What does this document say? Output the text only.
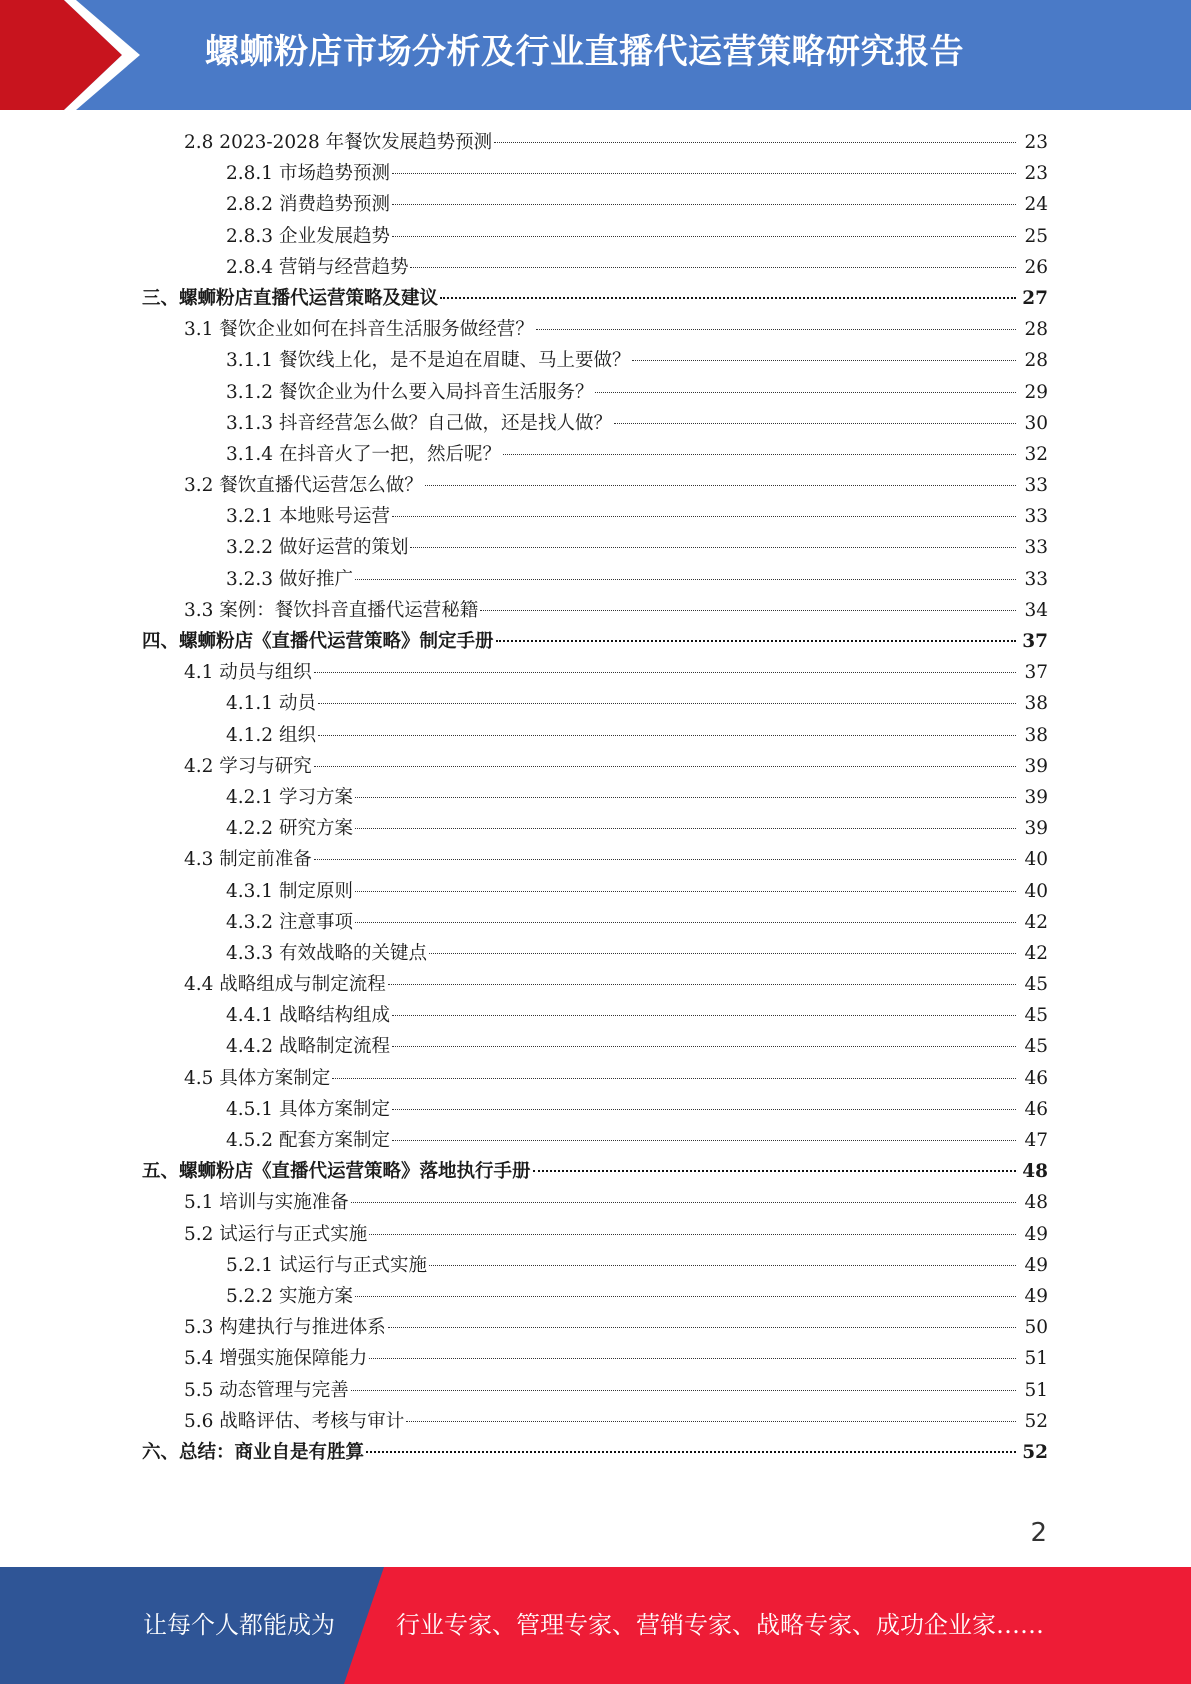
螺蛳粉店市场分析及行业直播代运营策略研究报告
2.8 2023-2028 年餐饮发展趋势预测	23
2.8.1 市场趋势预测	23
2.8.2 消费趋势预测	24
2.8.3 企业发展趋势	25
2.8.4 营销与经营趋势	26
三、螺蛳粉店直播代运营策略及建议	27
3.1 餐饮企业如何在抖音生活服务做经营？	28
3.1.1 餐饮线上化，是不是迫在眉睫、马上要做？	28
3.1.2 餐饮企业为什么要入局抖音生活服务？	29
3.1.3 抖音经营怎么做？自己做，还是找人做？	30
3.1.4 在抖音火了一把，然后呢？	32
3.2 餐饮直播代运营怎么做？	33
3.2.1 本地账号运营	33
3.2.2 做好运营的策划	33
3.2.3 做好推广	33
3.3 案例：餐饮抖音直播代运营秘籍	34
四、螺蛳粉店《直播代运营策略》制定手册	37
4.1 动员与组织	37
4.1.1 动员	38
4.1.2 组织	38
4.2 学习与研究	39
4.2.1 学习方案	39
4.2.2 研究方案	39
4.3 制定前准备	40
4.3.1 制定原则	40
4.3.2 注意事项	42
4.3.3 有效战略的关键点	42
4.4 战略组成与制定流程	45
4.4.1 战略结构组成	45
4.4.2 战略制定流程	45
4.5 具体方案制定	46
4.5.1 具体方案制定	46
4.5.2 配套方案制定	47
五、螺蛳粉店《直播代运营策略》落地执行手册	48
5.1 培训与实施准备	48
5.2 试运行与正式实施	49
5.2.1 试运行与正式实施	49
5.2.2 实施方案	49
5.3 构建执行与推进体系	50
5.4 增强实施保障能力	51
5.5 动态管理与完善	51
5.6 战略评估、考核与审计	52
六、总结：商业自是有胜算	52
2
让每个人都能成为	行业专家、管理专家、营销专家、战略专家、成功企业家……
